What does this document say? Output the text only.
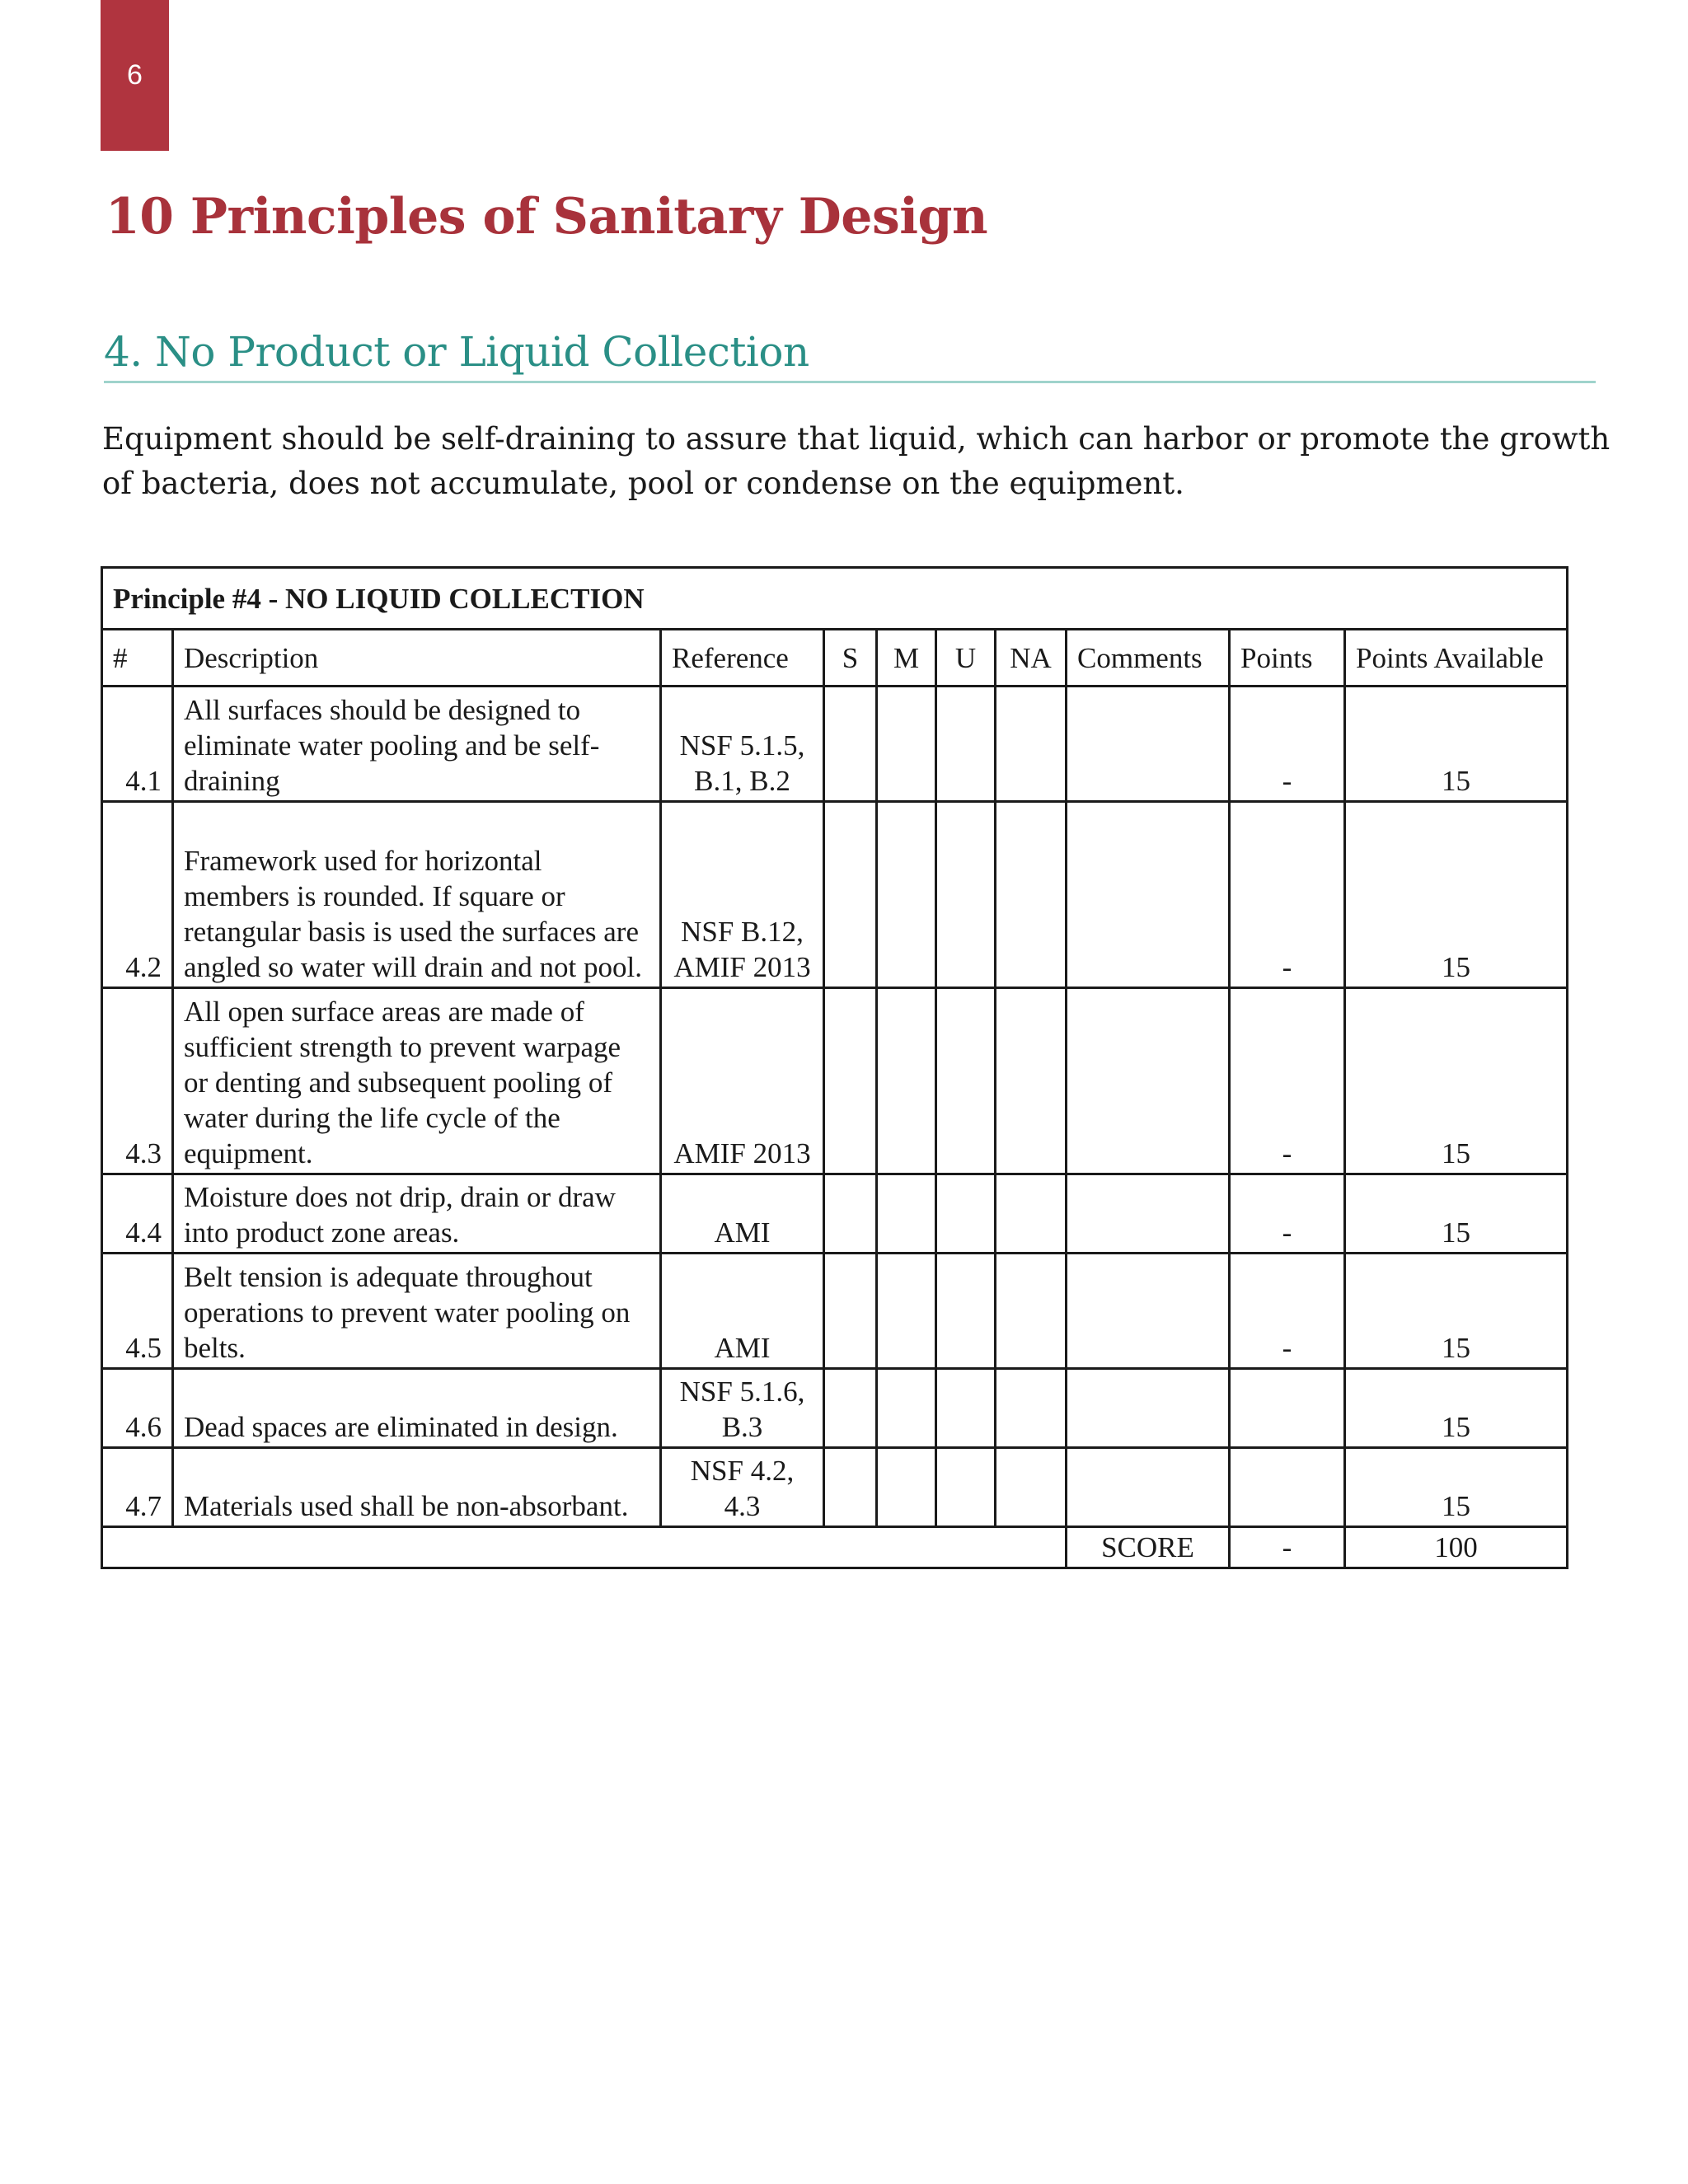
6
10 Principles of Sanitary Design
4. No Product or Liquid Collection

Equipment should be self-draining to assure that liquid, which can harbor or promote the growth of bacteria, does not accumulate, pool or condense on the equipment.

Principle #4 - NO LIQUID COLLECTION									
#	Description	Reference	S	M	U	NA	Comments	Points	Points Available
4.1	All surfaces should be designed to eliminate water pooling and be self-draining	NSF 5.1.5, B.1, B.2						-	15
4.2	Framework used for horizontal members is rounded. If square or retangular basis is used the surfaces are angled so water will drain and not pool.	NSF B.12, AMIF 2013						-	15
4.3	All open surface areas are made of sufficient strength to prevent warpage or denting and subsequent pooling of water during the life cycle of the equipment.	AMIF 2013						-	15
4.4	Moisture does not drip, drain or draw into product zone areas.	AMI						-	15
4.5	Belt tension is adequate throughout operations to prevent water pooling on belts.	AMI						-	15
4.6	Dead spaces are eliminated in design.	NSF 5.1.6, B.3							15
4.7	Materials used shall be non-absorbant.	NSF 4.2, 4.3							15
							SCORE	-	100
